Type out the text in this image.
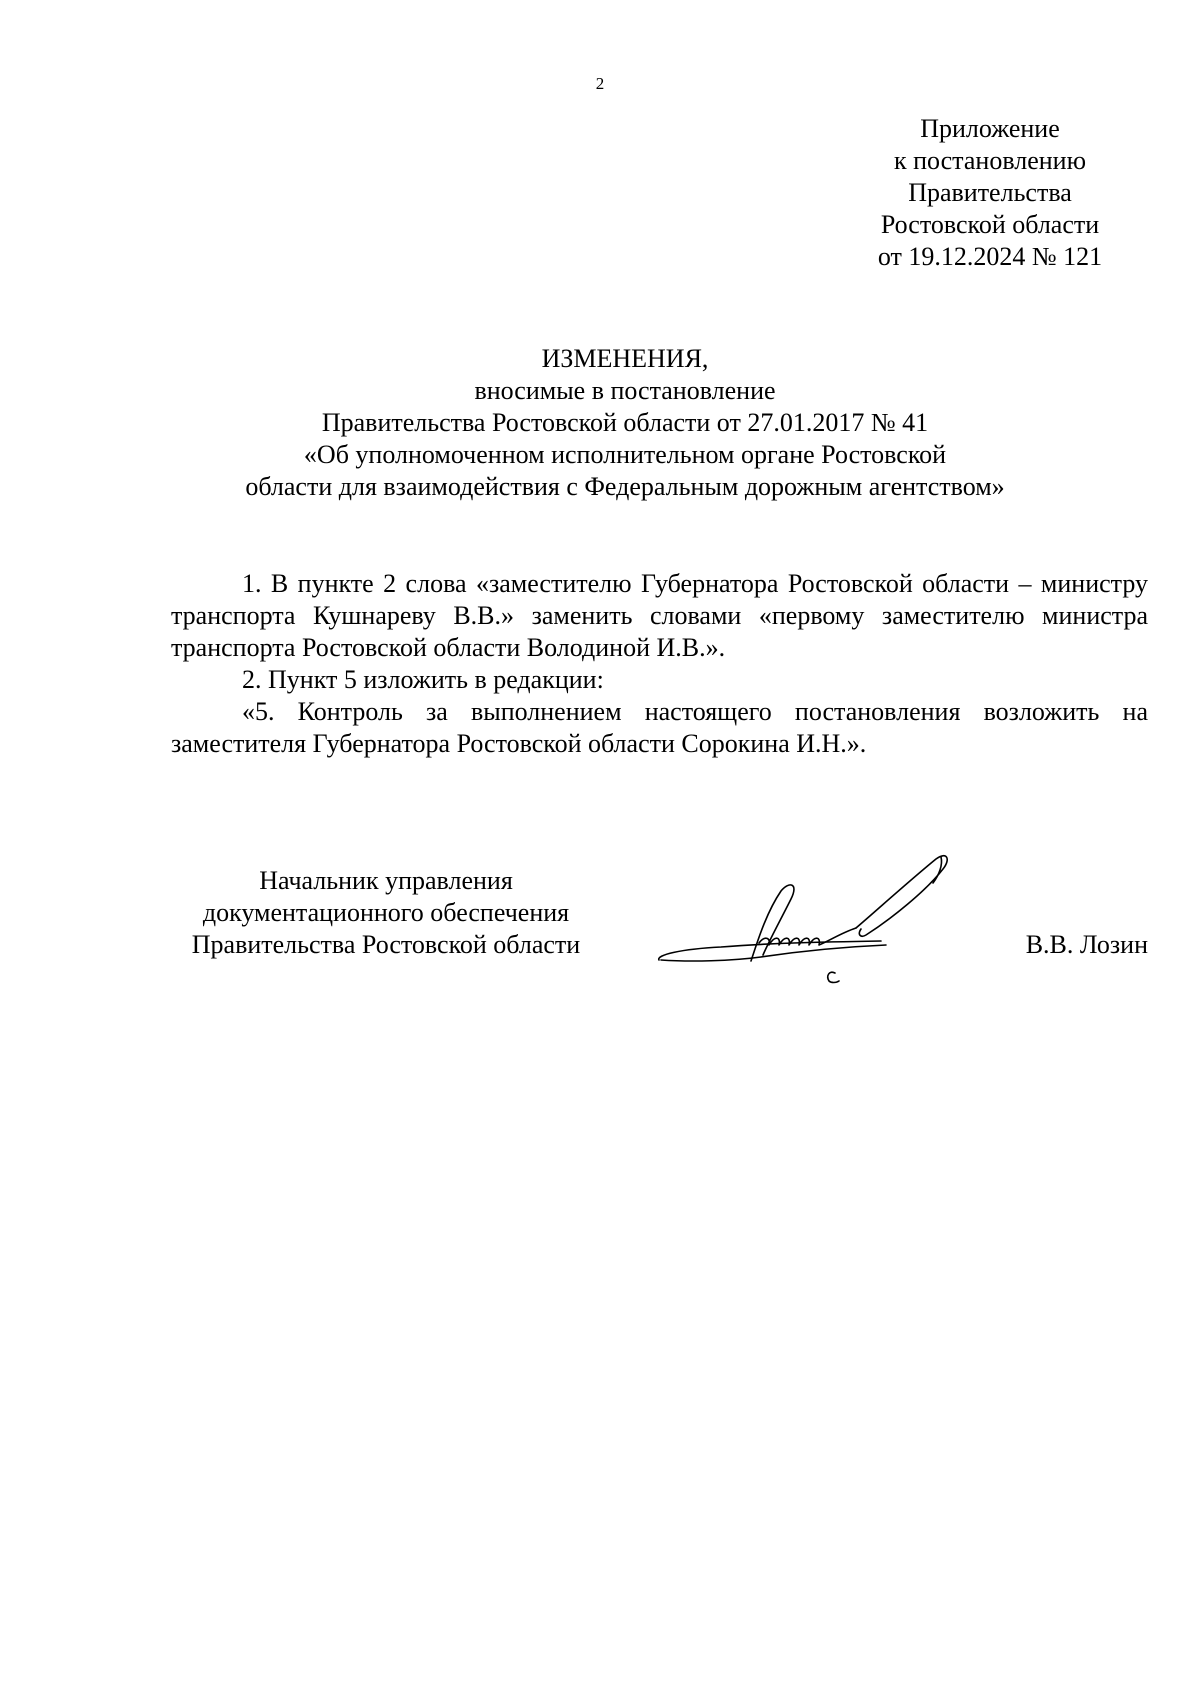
2
Приложение
к постановлению
Правительства
Ростовской области
от 19.12.2024 № 121
ИЗМЕНЕНИЯ,
вносимые в постановление
Правительства Ростовской области от 27.01.2017 № 41
«Об уполномоченном исполнительном органе Ростовской
области для взаимодействия с Федеральным дорожным агентством»

1. В пункте 2 слова «заместителю Губернатора Ростовской области – министру транспорта Кушнареву В.В.» заменить словами «первому заместителю министра транспорта Ростовской области Володиной И.В.».

2. Пункт 5 изложить в редакции:

«5. Контроль за выполнением настоящего постановления возложить на заместителя Губернатора Ростовской области Сорокина И.Н.».

Начальник управления
документационного обеспечения
Правительства Ростовской области	В.В. Лозин
